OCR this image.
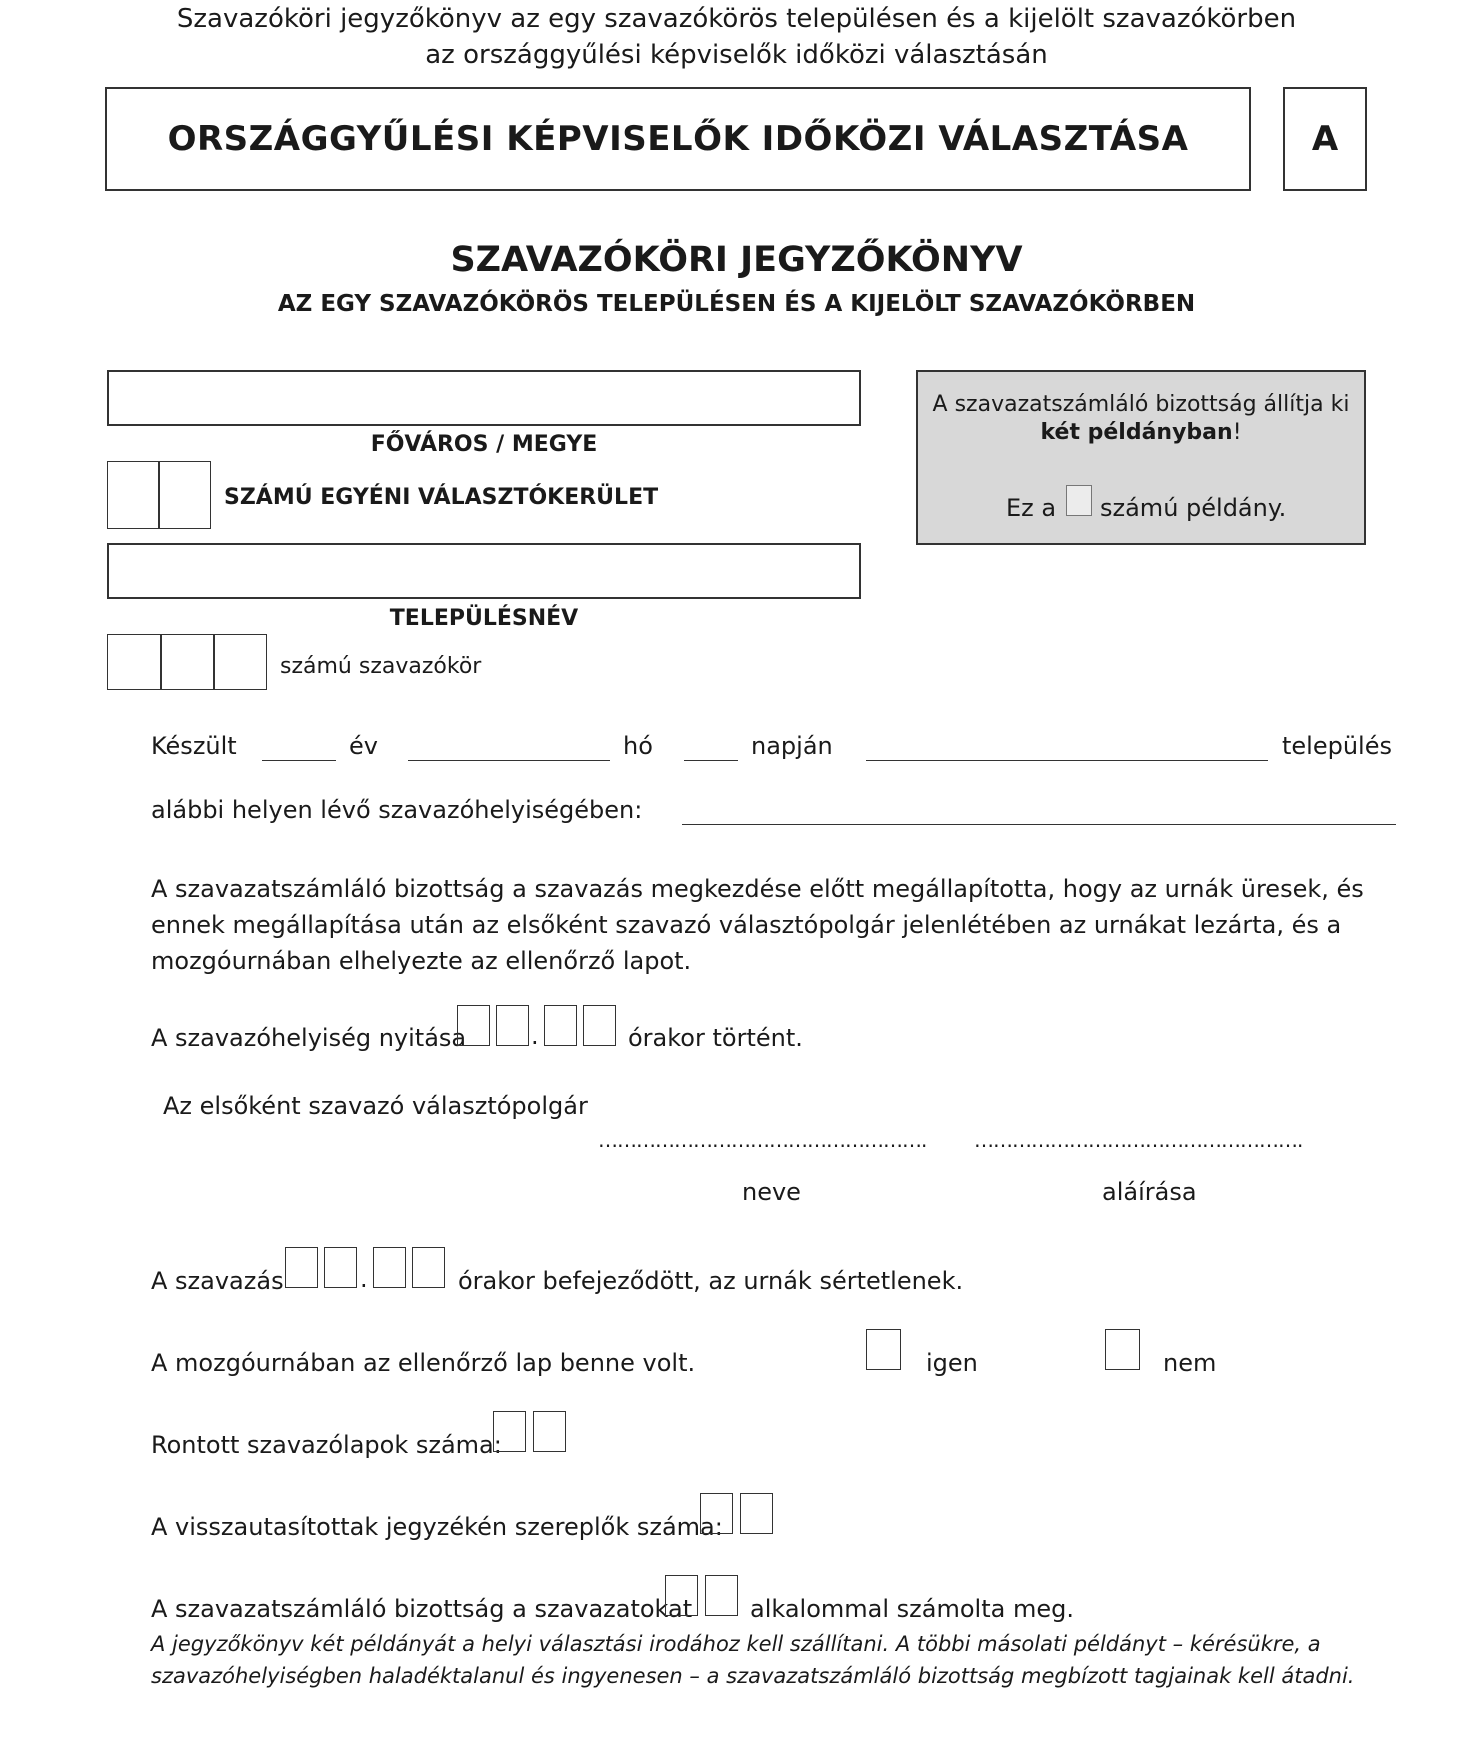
Szavazóköri jegyzőkönyv az egy szavazókörös településen és a kijelölt szavazókörben
az országgyűlési képviselők időközi választásán
ORSZÁGGYŰLÉSI KÉPVISELŐK IDŐKÖZI VÁLASZTÁSA	A
SZAVAZÓKÖRI JEGYZŐKÖNYV
AZ EGY SZAVAZÓKÖRÖS TELEPÜLÉSEN ÉS A KIJELÖLT SZAVAZÓKÖRBEN
FŐVÁROS / MEGYE
SZÁMÚ EGYÉNI VÁLASZTÓKERÜLET
TELEPÜLÉSNÉV
számú szavazókör
A szavazatszámláló bizottság állítja ki
két példányban!
Ez a számú példány.
Készült	év	hó	napján	település
alábbi helyen lévő szavazóhelyiségében:
A szavazatszámláló bizottság a szavazás megkezdése előtt megállapította, hogy az urnák üresek, és
ennek megállapítása után az elsőként szavazó választópolgár jelenlétében az urnákat lezárta, és a
mozgóurnában elhelyezte az ellenőrző lapot.
A szavazóhelyiség nyitása	.	órakor történt.
Az elsőként szavazó választópolgár
……………………………………………. …………………………………………….
neve	aláírása
A szavazás	.	órakor befejeződött, az urnák sértetlenek.
A mozgóurnában az ellenőrző lap benne volt.	igen	nem
Rontott szavazólapok száma:
A visszautasítottak jegyzékén szereplők száma:
A szavazatszámláló bizottság a szavazatokat alkalommal számolta meg.
A jegyzőkönyv két példányát a helyi választási irodához kell szállítani. A többi másolati példányt – kérésükre, a
szavazóhelyiségben haladéktalanul és ingyenesen – a szavazatszámláló bizottság megbízott tagjainak kell átadni.
